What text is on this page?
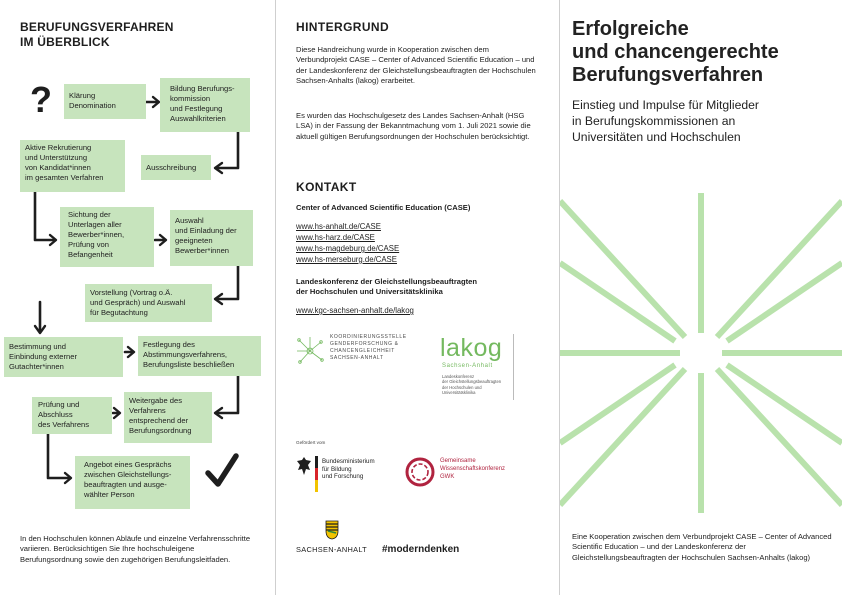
BERUFUNGSVERFAHREN
IM ÜBERBLICK
? Klärung
Denomination
Bildung Berufungs-
kommission
und Festlegung
Auswahlkriterien
Aktive Rekrutierung
und Unterstützung
von Kandidat*innen
im gesamten Verfahren
Ausschreibung
Sichtung der
Unterlagen aller
Bewerber*innen,
Prüfung von
Befangenheit
Auswahl
und Einladung der
geeigneten
Bewerber*innen
Vorstellung (Vortrag o.Ä.
und Gespräch) und Auswahl
für Begutachtung
Bestimmung und
Einbindung externer
Gutachter*innen
Festlegung des
Abstimmungsverfahrens,
Berufungsliste beschließen
Prüfung und
Abschluss
des Verfahrens
Weitergabe des
Verfahrens
entsprechend der
Berufungsordnung
Angebot eines Gesprächs
zwischen Gleichstellungs-
beauftragten und ausge-
wählter Person
In den Hochschulen können Abläufe und einzelne Verfahrensschritte variieren. Berücksichtigen Sie Ihre hochschuleigene Berufungsordnung sowie den zugehörigen Berufungsleitfaden.
HINTERGRUND
Diese Handreichung wurde in Kooperation zwischen dem Verbundprojekt CASE – Center of Advanced Scientific Education – und der Landeskonferenz der Gleichstellungsbeauftragten der Hochschulen Sachsen-Anhalts (lakog) erarbeitet.
Es wurden das Hochschulgesetz des Landes Sachsen-Anhalt (HSG LSA) in der Fassung der Bekanntmachung vom 1. Juli 2021 sowie die aktuell gültigen Berufungsordnungen der Hochschulen berücksichtigt.
KONTAKT
Center of Advanced Scientific Education (CASE)
www.hs-anhalt.de/CASE
www.hs-harz.de/CASE
www.hs-magdeburg.de/CASE
www.hs-merseburg.de/CASE
Landeskonferenz der Gleichstellungsbeauftragten
der Hochschulen und Universitätsklinika
www.kgc-sachsen-anhalt.de/lakog
KOORDINIERUNGSSTELLE
GENDERFORSCHUNG &
CHANCENGLEICHHEIT
SACHSEN-ANHALT	lakog
Sachsen-Anhalt
Landeskonferenz
der Gleichstellungsbeauftragten
der Hochschulen und
Universitätsklinika
Gefördert vom
Bundesministerium
für Bildung
und Forschung
Gemeinsame
Wissenschaftskonferenz
GWK
SACHSEN-ANHALT #moderndenken
Erfolgreiche
und chancengerechte
Berufungsverfahren
Einstieg und Impulse für Mitglieder
in Berufungskommissionen an
Universitäten und Hochschulen
Eine Kooperation zwischen dem Verbundprojekt CASE – Center of Advanced Scientific Education – und der Landeskonferenz der Gleichstellungsbeauftragten der Hochschulen Sachsen-Anhalts (lakog)
